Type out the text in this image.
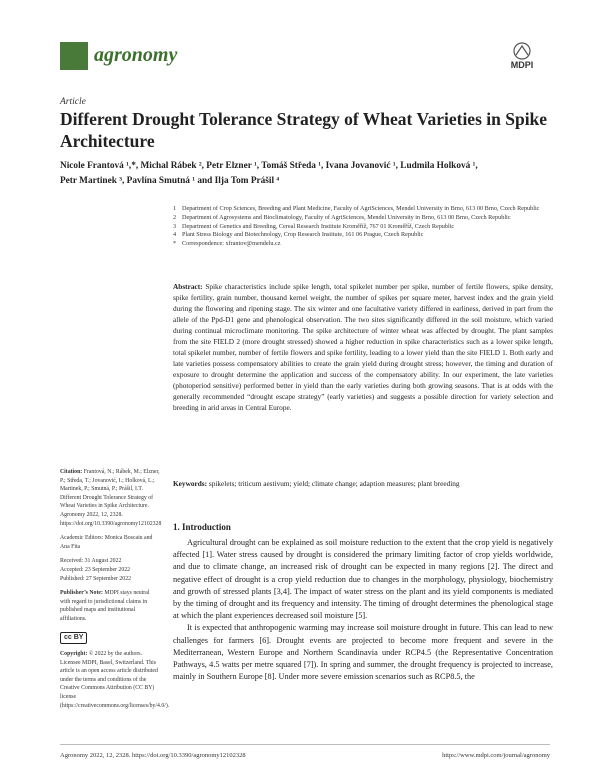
agronomy	MDPI
Article
Different Drought Tolerance Strategy of Wheat Varieties in Spike Architecture
Nicole Frantová ¹,*, Michal Rábek ², Petr Elzner ¹, Tomáš Středa ¹, Ivana Jovanović ¹, Ludmila Holková ¹,
Petr Martinek ³, Pavlína Smutná ¹ and Ilja Tom Prášil ⁴
1 Department of Crop Sciences, Breeding and Plant Medicine, Faculty of AgriSciences, Mendel University in Brno, 613 00 Brno, Czech Republic
2 Department of Agrosystems and Bioclimatology, Faculty of AgriSciences, Mendel University in Brno, 613 00 Brno, Czech Republic
3 Department of Genetics and Breeding, Cereal Research Institute Kroměříž, 767 01 Kroměříž, Czech Republic
4 Plant Stress Biology and Biotechnology, Crop Research Institute, 161 06 Prague, Czech Republic
* Correspondence: xfrantov@mendelu.cz
Abstract: Spike characteristics include spike length, total spikelet number per spike, number of fertile flowers, spike density, spike fertility, grain number, thousand kernel weight, the number of spikes per square meter, harvest index and the grain yield during the flowering and ripening stage. The six winter and one facultative variety differed in earliness, derived in part from the allele of the Ppd-D1 gene and phenological observation. The two sites significantly differed in the soil moisture, which varied during continual microclimate monitoring. The spike architecture of winter wheat was affected by drought. The plant samples from the site FIELD 2 (more drought stressed) showed a higher reduction in spike characteristics such as a lower spike length, total spikelet number, number of fertile flowers and spike fertility, leading to a lower yield than the site FIELD 1. Both early and late varieties possess compensatory abilities to create the grain yield during drought stress; however, the timing and duration of exposure to drought determine the application and success of the compensatory ability. In our experiment, the late varieties (photoperiod sensitive) performed better in yield than the early varieties during both growing seasons. That is at odds with the generally recommended “drought escape strategy” (early varieties) and suggests a possible direction for variety selection and breeding in arid areas in Central Europe.
Keywords: spikelets; triticum aestivum; yield; climate change; adaption measures; plant breeding

Citation: Frantová, N.; Rábek, M.; Elzner, P.; Středa, T.; Jovanović, I.; Holková, L.; Martinek, P.; Smutná, P.; Prášil, I.T. Different Drought Tolerance Strategy of Wheat Varieties in Spike Architecture. Agronomy 2022, 12, 2328. https://doi.org/10.3390/agronomy12102328

Academic Editors: Monica Boscaiu and Ana Fita

Received: 31 August 2022

Accepted: 23 September 2022

Published: 27 September 2022

Publisher’s Note: MDPI stays neutral with regard to jurisdictional claims in published maps and institutional affiliations.

cc BY

Copyright: © 2022 by the authors. Licensee MDPI, Basel, Switzerland. This article is an open access article distributed under the terms and conditions of the Creative Commons Attribution (CC BY) license (https://creativecommons.org/licenses/by/4.0/).

1. Introduction

Agricultural drought can be explained as soil moisture reduction to the extent that the crop yield is negatively affected [1]. Water stress caused by drought is considered the primary limiting factor of crop yields worldwide, and due to climate change, an increased risk of drought can be expected in many regions [2]. The direct and negative effect of drought is a crop yield reduction due to changes in the morphology, physiology, biochemistry and growth of stressed plants [3,4]. The impact of water stress on the plant and its yield components is mediated by the timing of drought and its frequency and intensity. The timing of drought determines the phenological stage at which the plant experiences decreased soil moisture [5].

It is expected that anthropogenic warming may increase soil moisture drought in future. This can lead to new challenges for farmers [6]. Drought events are projected to become more frequent and severe in the Mediterranean, Western Europe and Northern Scandinavia under RCP4.5 (the Representative Concentration Pathways, 4.5 watts per metre squared [7]). In spring and summer, the drought frequency is projected to increase, mainly in Southern Europe [8]. Under more severe emission scenarios such as RCP8.5, the

Agronomy 2022, 12, 2328. https://doi.org/10.3390/agronomy12102328	https://www.mdpi.com/journal/agronomy
